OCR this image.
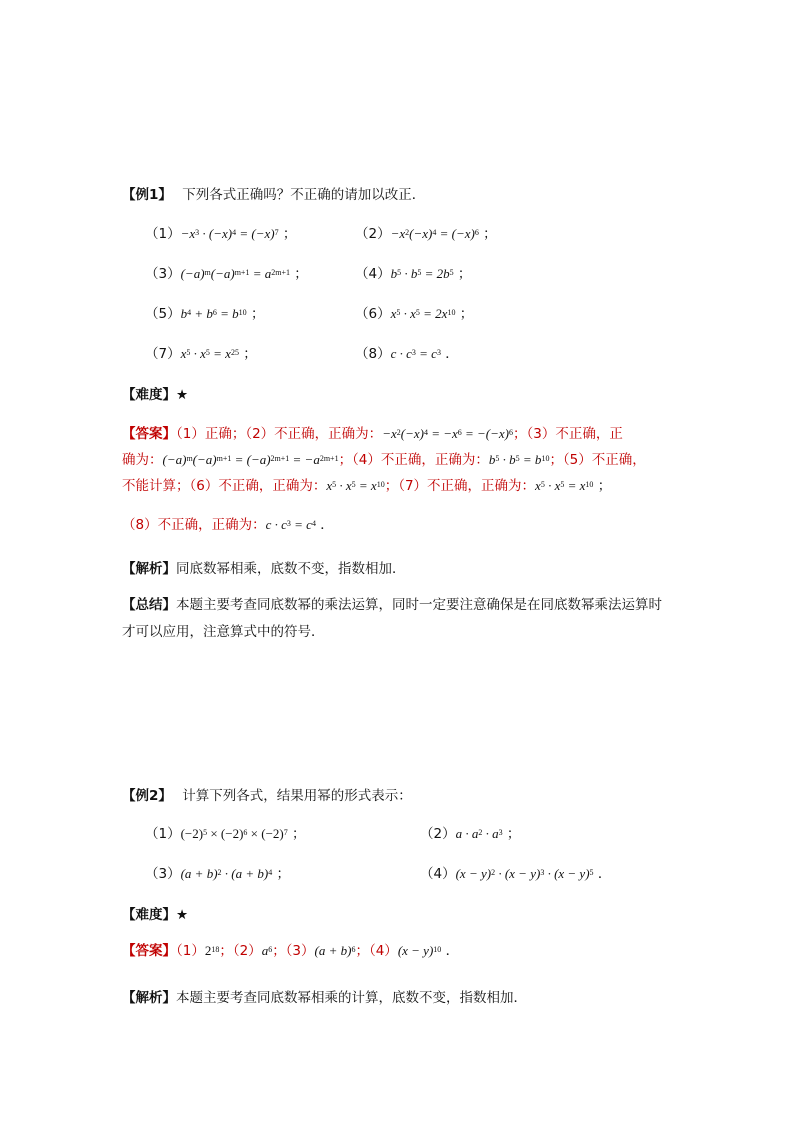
【例1】 下列各式正确吗？不正确的请加以改正．
$(1)-x^3 \cdot (-x)^4 = (-x)^7$ ；	$(2)-x^2(-x)^4 = (-x)^6$ ；
$(3)(-a)^m(-a)^{m+1} = a^{2m+1}$ ；	$(4)b^5 \cdot b^5 = 2b^5$ ；
$(5)b^4 + b^6 = b^{10}$ ；	$(6)x^5 \cdot x^5 = 2x^{10}$ ；
$(7)x^5 \cdot x^5 = x^{25}$ ；	$(8)c \cdot c^3 = c^3$ ．
【难度】★
【答案】（1）正确；（2）不正确，正确为：$-x^2(-x)^4 = -x^6 = -(-x)^6$；（3）不正确，正
确为：$(-a)^m(-a)^{m+1} = (-a)^{2m+1} = -a^{2m+1}$；（4）不正确，正确为：$b^5 \cdot b^5 = b^{10}$；（5）不正确，
不能计算；（6）不正确，正确为：$x^5 \cdot x^5 = x^{10}$；（7）不正确，正确为：$x^5 \cdot x^5 = x^{10}$ ；
（8）不正确，正确为：$c \cdot c^3 = c^4$ ．
【解析】同底数幂相乘，底数不变，指数相加．
【总结】本题主要考查同底数幂的乘法运算，同时一定要注意确保是在同底数幂乘法运算时
才可以应用，注意算式中的符号．
【例2】 计算下列各式，结果用幂的形式表示：
$(1)(-2)^5 \times (-2)^6 \times (-2)^7$ ；	$(2)a \cdot a^2 \cdot a^3$ ；
$(3)(a + b)^2 \cdot (a + b)^4$ ；	$(4)(x - y)^2 \cdot (x - y)^3 \cdot (x - y)^5$ ．
【难度】★
【答案】$(1)2^{18}$；$(2)a^6$；$(3)(a + b)^6$；$(4)(x - y)^{10}$ ．
【解析】本题主要考查同底数幂相乘的计算，底数不变，指数相加．
